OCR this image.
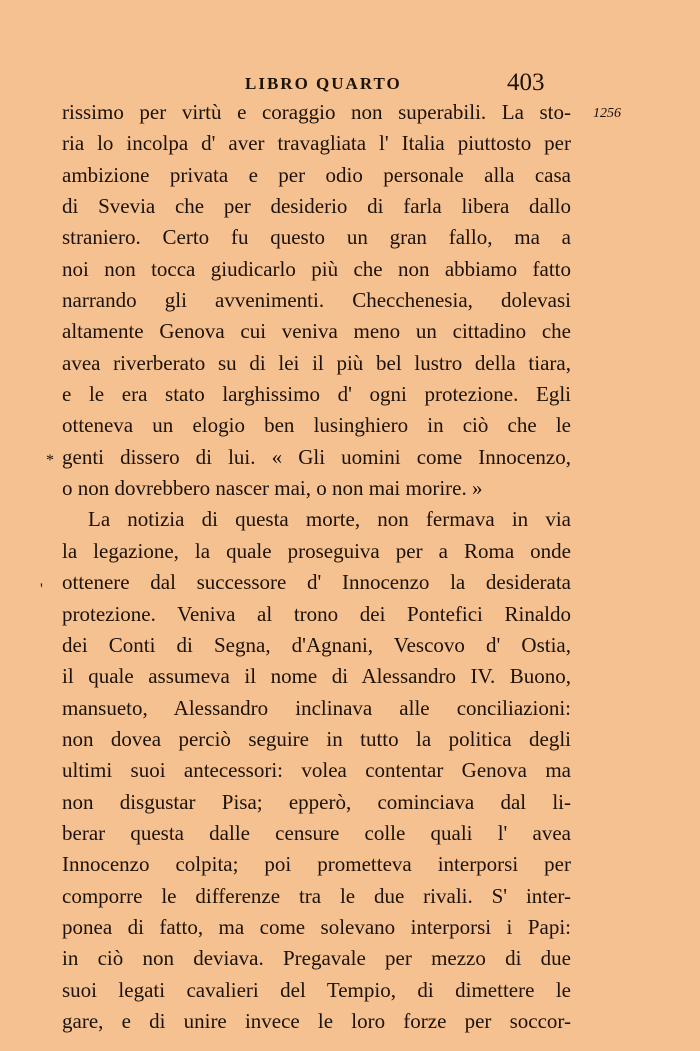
LIBRO QUARTO	403
1256
*
'
rissimo per virtù e coraggio non superabili. La sto-
ria lo incolpa d' aver travagliata l' Italia piuttosto per
ambizione privata e per odio personale alla casa
di Svevia che per desiderio di farla libera dallo
straniero. Certo fu questo un gran fallo, ma a
noi non tocca giudicarlo più che non abbiamo fatto
narrando gli avvenimenti. Checchenesia, dolevasi
altamente Genova cui veniva meno un cittadino che
avea riverberato su di lei il più bel lustro della tiara,
e le era stato larghissimo d' ogni protezione. Egli
otteneva un elogio ben lusinghiero in ciò che le
genti dissero di lui. « Gli uomini come Innocenzo,
o non dovrebbero nascer mai, o non mai morire. »
La notizia di questa morte, non fermava in via
la legazione, la quale proseguiva per a Roma onde
ottenere dal successore d' Innocenzo la desiderata
protezione. Veniva al trono dei Pontefici Rinaldo
dei Conti di Segna, d'Agnani, Vescovo d' Ostia,
il quale assumeva il nome di Alessandro IV. Buono,
mansueto, Alessandro inclinava alle conciliazioni:
non dovea perciò seguire in tutto la politica degli
ultimi suoi antecessori: volea contentar Genova ma
non disgustar Pisa; epperò, cominciava dal li-
berar questa dalle censure colle quali l' avea
Innocenzo colpita; poi prometteva interporsi per
comporre le differenze tra le due rivali. S' inter-
ponea di fatto, ma come solevano interporsi i Papi:
in ciò non deviava. Pregavale per mezzo di due
suoi legati cavalieri del Tempio, di dimettere le
gare, e di unire invece le loro forze per soccor-
